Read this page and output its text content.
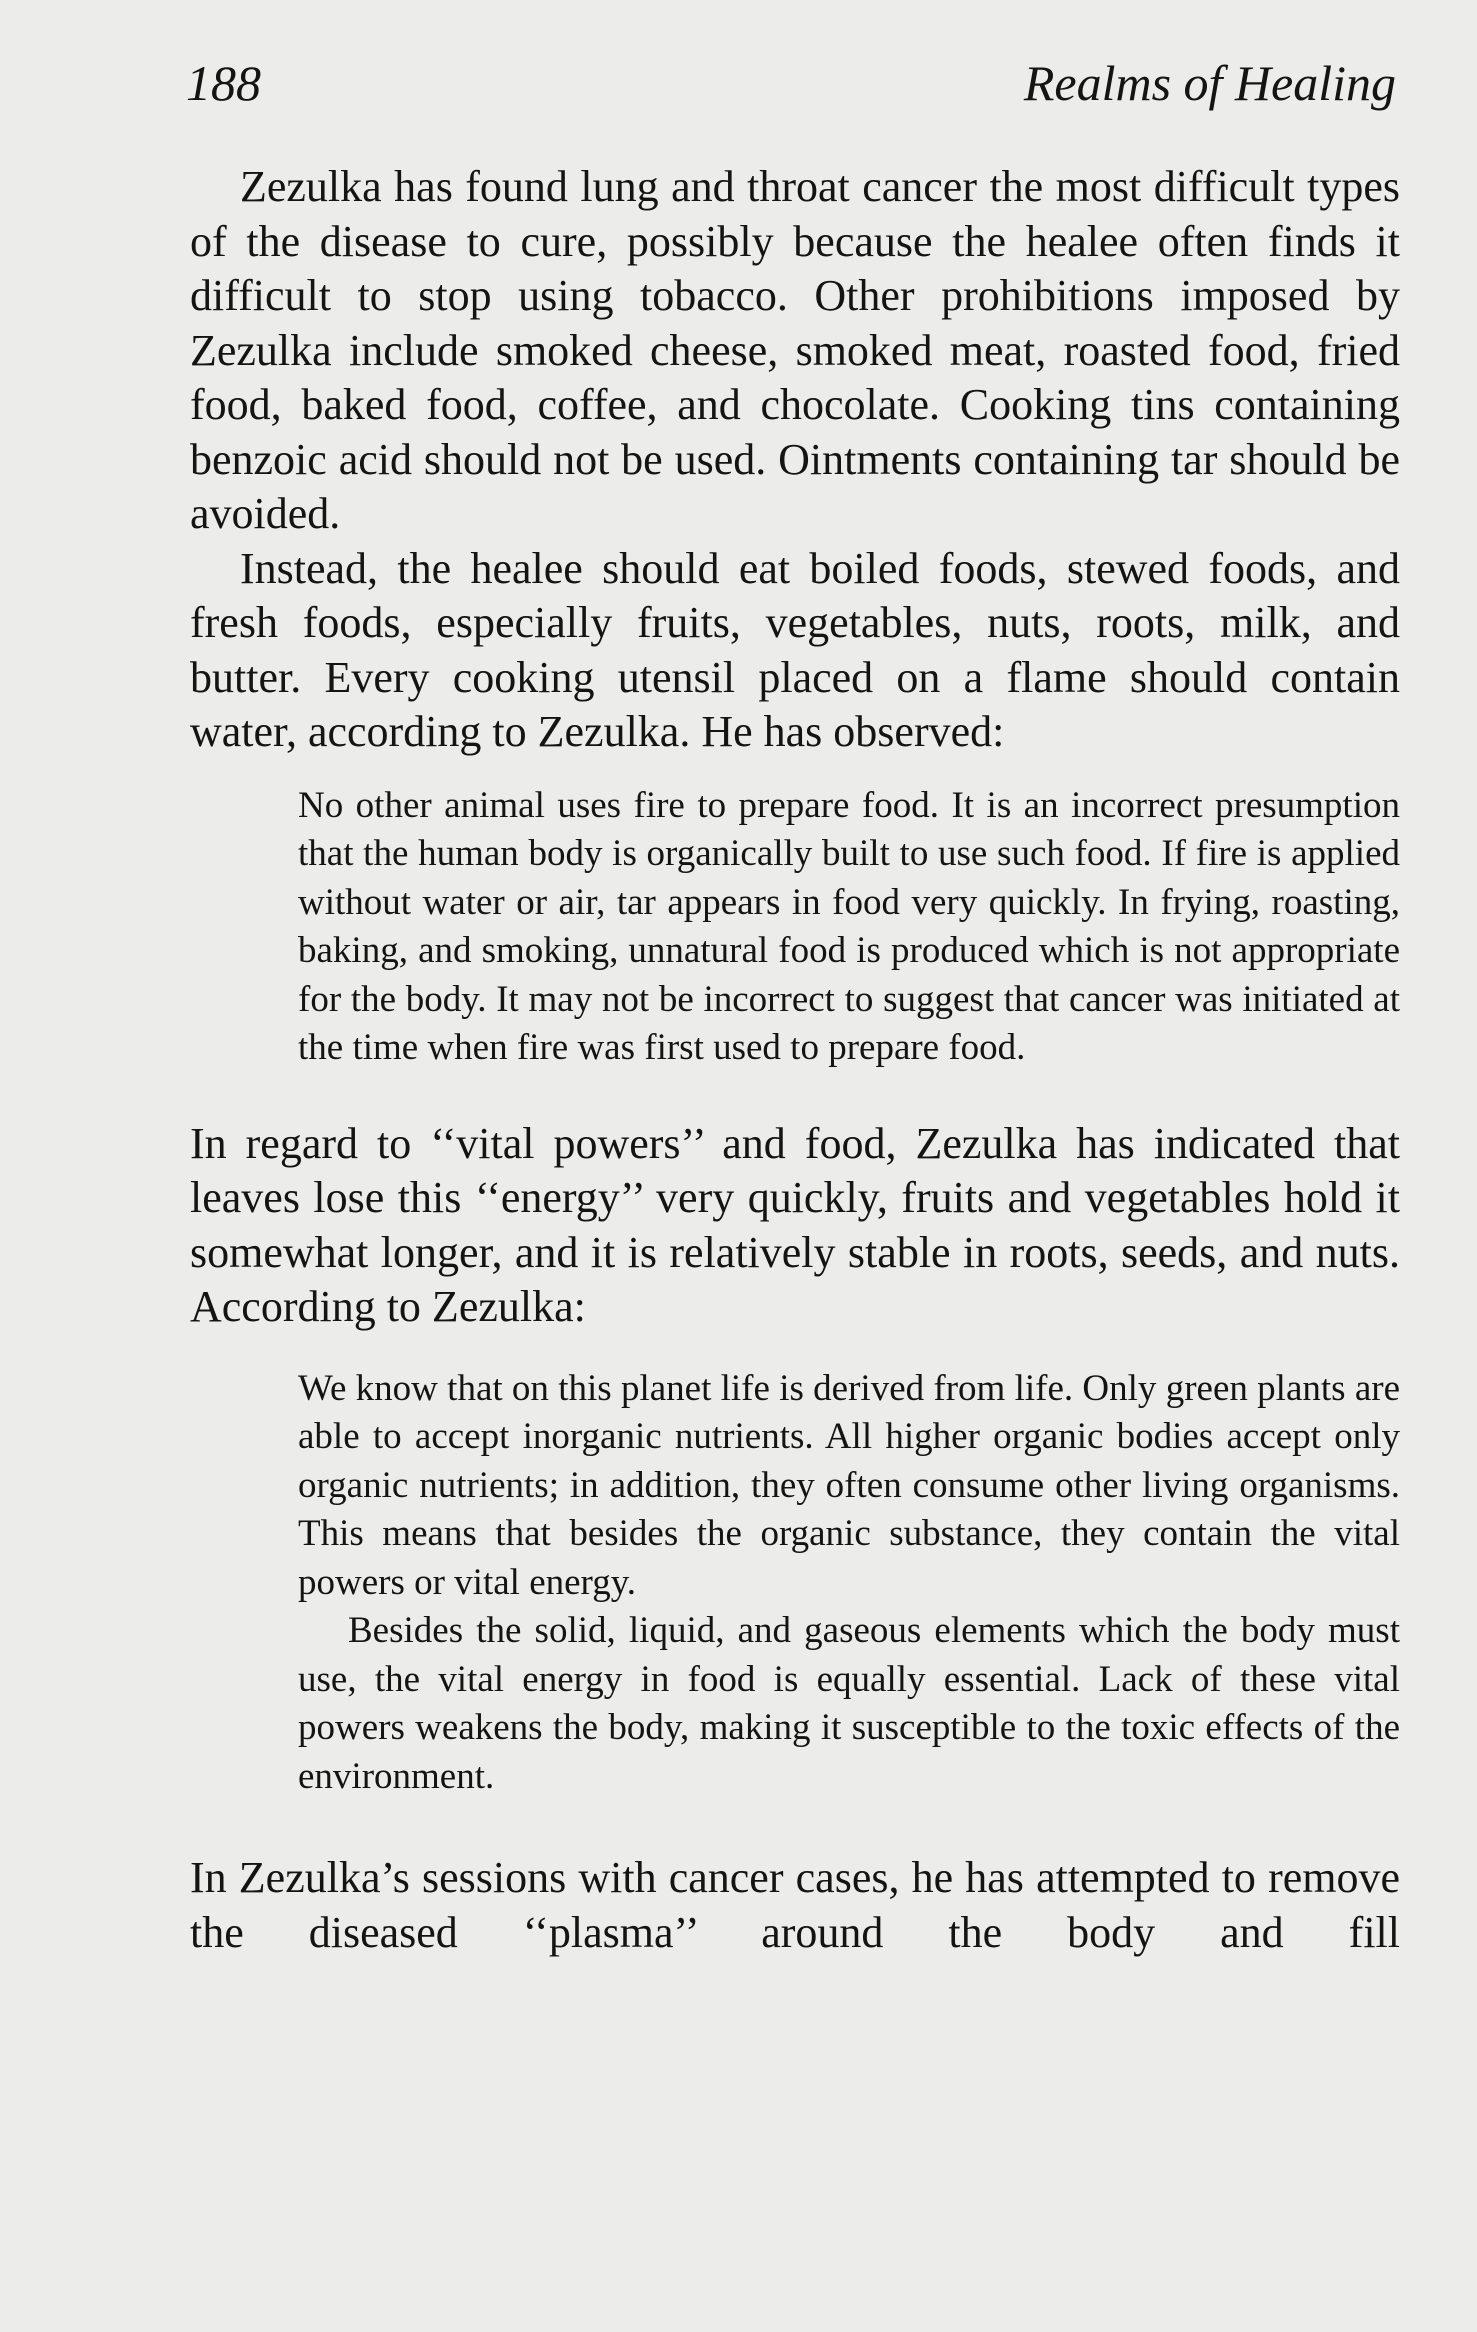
188	Realms of Healing

Zezulka has found lung and throat cancer the most difficult types of the disease to cure, possibly because the healee often finds it difficult to stop using tobacco. Other prohibitions imposed by Zezulka include smoked cheese, smoked meat, roasted food, fried food, baked food, coffee, and chocolate. Cooking tins containing benzoic acid should not be used. Ointments containing tar should be avoided.

Instead, the healee should eat boiled foods, stewed foods, and fresh foods, especially fruits, vegetables, nuts, roots, milk, and butter. Every cooking utensil placed on a flame should contain water, according to Zezulka. He has observed:

No other animal uses fire to prepare food. It is an incorrect presumption that the human body is organically built to use such food. If fire is applied without water or air, tar appears in food very quickly. In frying, roasting, baking, and smoking, unnatural food is produced which is not appropriate for the body. It may not be incorrect to suggest that cancer was initiated at the time when fire was first used to prepare food.

In regard to ‘‘vital powers’’ and food, Zezulka has indicated that leaves lose this ‘‘energy’’ very quickly, fruits and vegetables hold it somewhat longer, and it is relatively stable in roots, seeds, and nuts. According to Zezulka:

We know that on this planet life is derived from life. Only green plants are able to accept inorganic nutrients. All higher organic bodies accept only organic nutrients; in addition, they often consume other living organisms. This means that besides the organic substance, they contain the vital powers or vital energy.

Besides the solid, liquid, and gaseous elements which the body must use, the vital energy in food is equally essential. Lack of these vital powers weakens the body, making it susceptible to the toxic effects of the environment.

In Zezulka’s sessions with cancer cases, he has attempted to remove the diseased ‘‘plasma’’ around the body and fill
